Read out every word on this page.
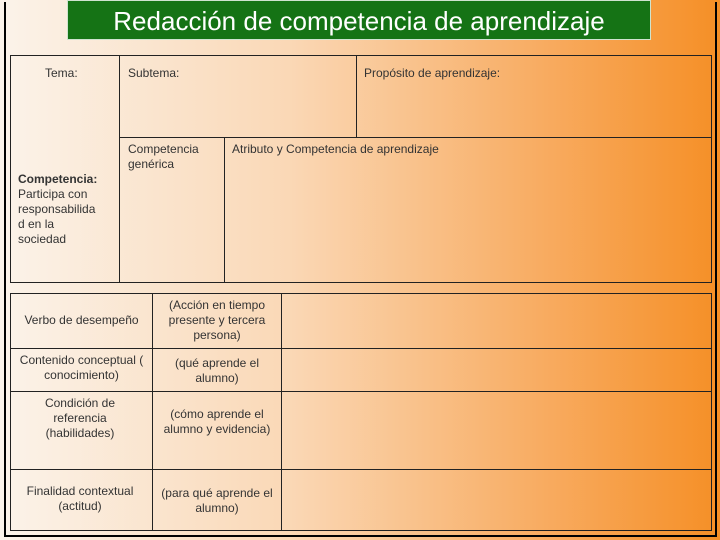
Redacción de competencia de aprendizaje
Tema:
Competencia:
Participa con responsabilida d en la sociedad
Subtema:	Propósito de aprendizaje:
Competencia genérica
Atributo y Competencia de aprendizaje
Verbo de desempeño
(Acción en tiempo presente y tercera persona)
Contenido conceptual ( conocimiento)
(qué aprende el alumno)
Condición de referencia (habilidades)
(cómo aprende el alumno y evidencia)
Finalidad contextual (actitud)
(para qué aprende el alumno)
